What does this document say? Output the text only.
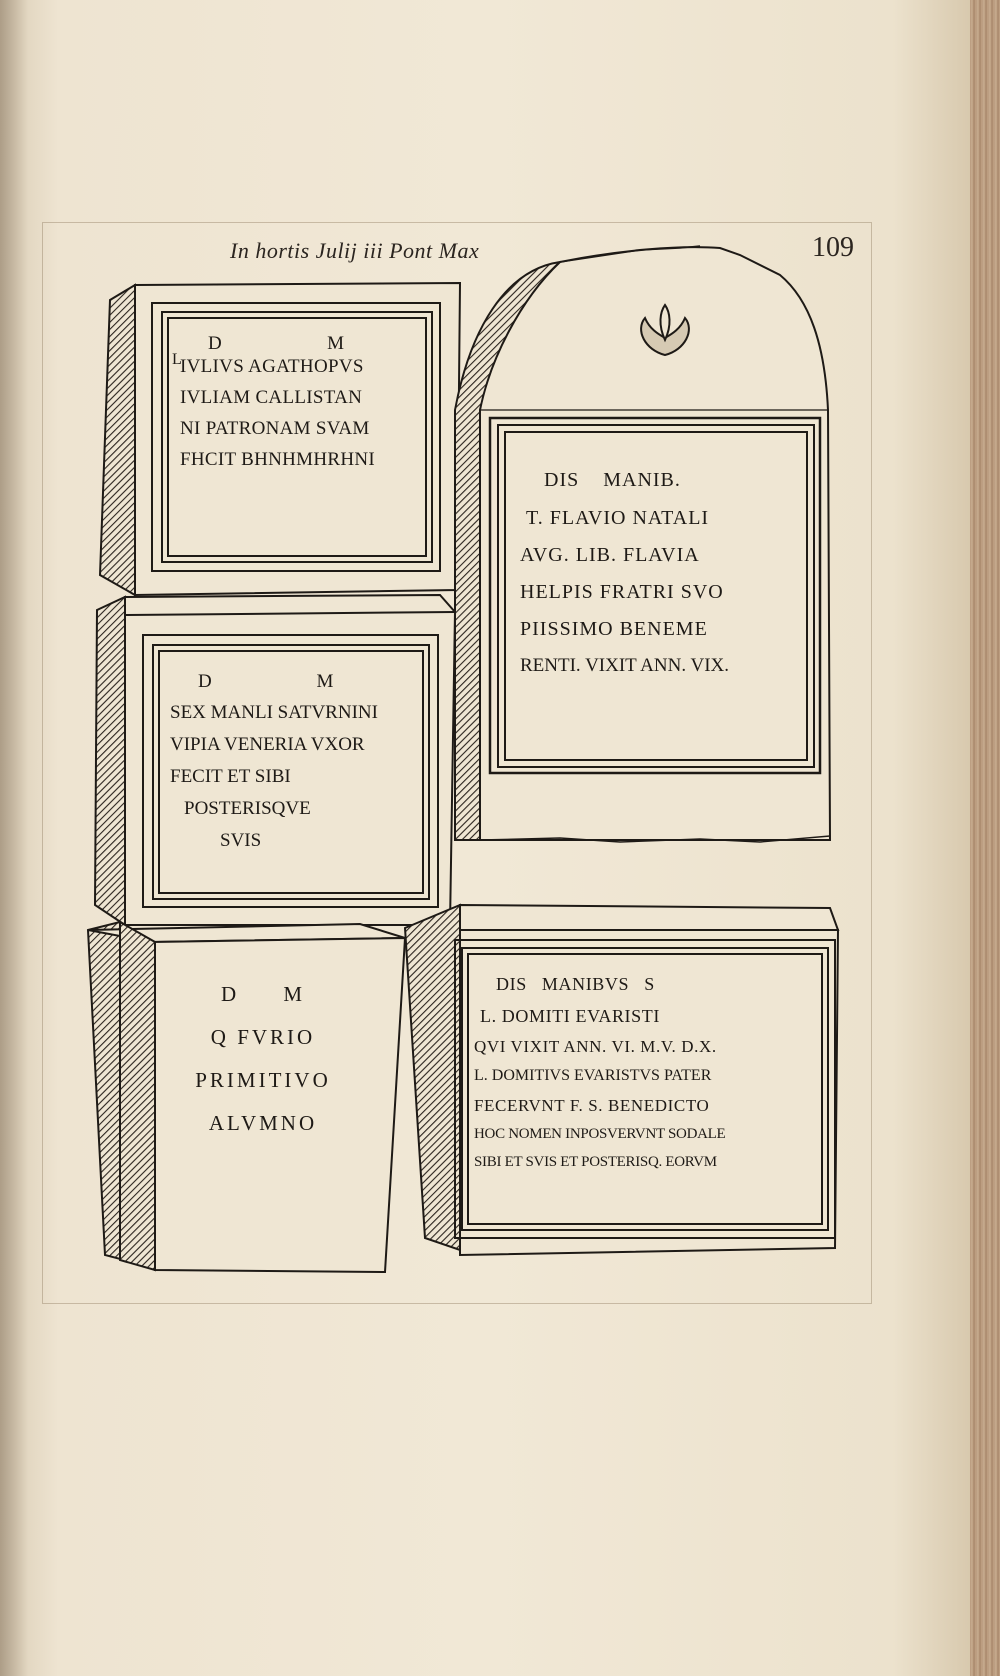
In hortis Julij iii Pont Max	109
D M
L
IVLIVS AGATHOPVS
IVLIAM CALLISTAN
NI PATRONAM SVAM
FHCIT BHNHMHRHNI
D M
SEX MANLI SATVRNINI
VIPIA VENERIA VXOR
FECIT ET SIBI
POSTERISQVE
SVIS
DIS MANIB.
T. FLAVIO NATALI
AVG. LIB. FLAVIA
HELPIS FRATRI SVO
PIISSIMO BENEME
RENTI. VIXIT ANN. VIX.
D M
Q FVRIO
PRIMITIVO
ALVMNO
DIS MANIBVS S
L. DOMITI EVARISTI
QVI VIXIT ANN. VI. M.V. D.X.
L. DOMITIVS EVARISTVS PATER
FECERVNT F. S. BENEDICTO
HOC NOMEN INPOSVERVNT SODALE
SIBI ET SVIS ET POSTERISQ. EORVM
